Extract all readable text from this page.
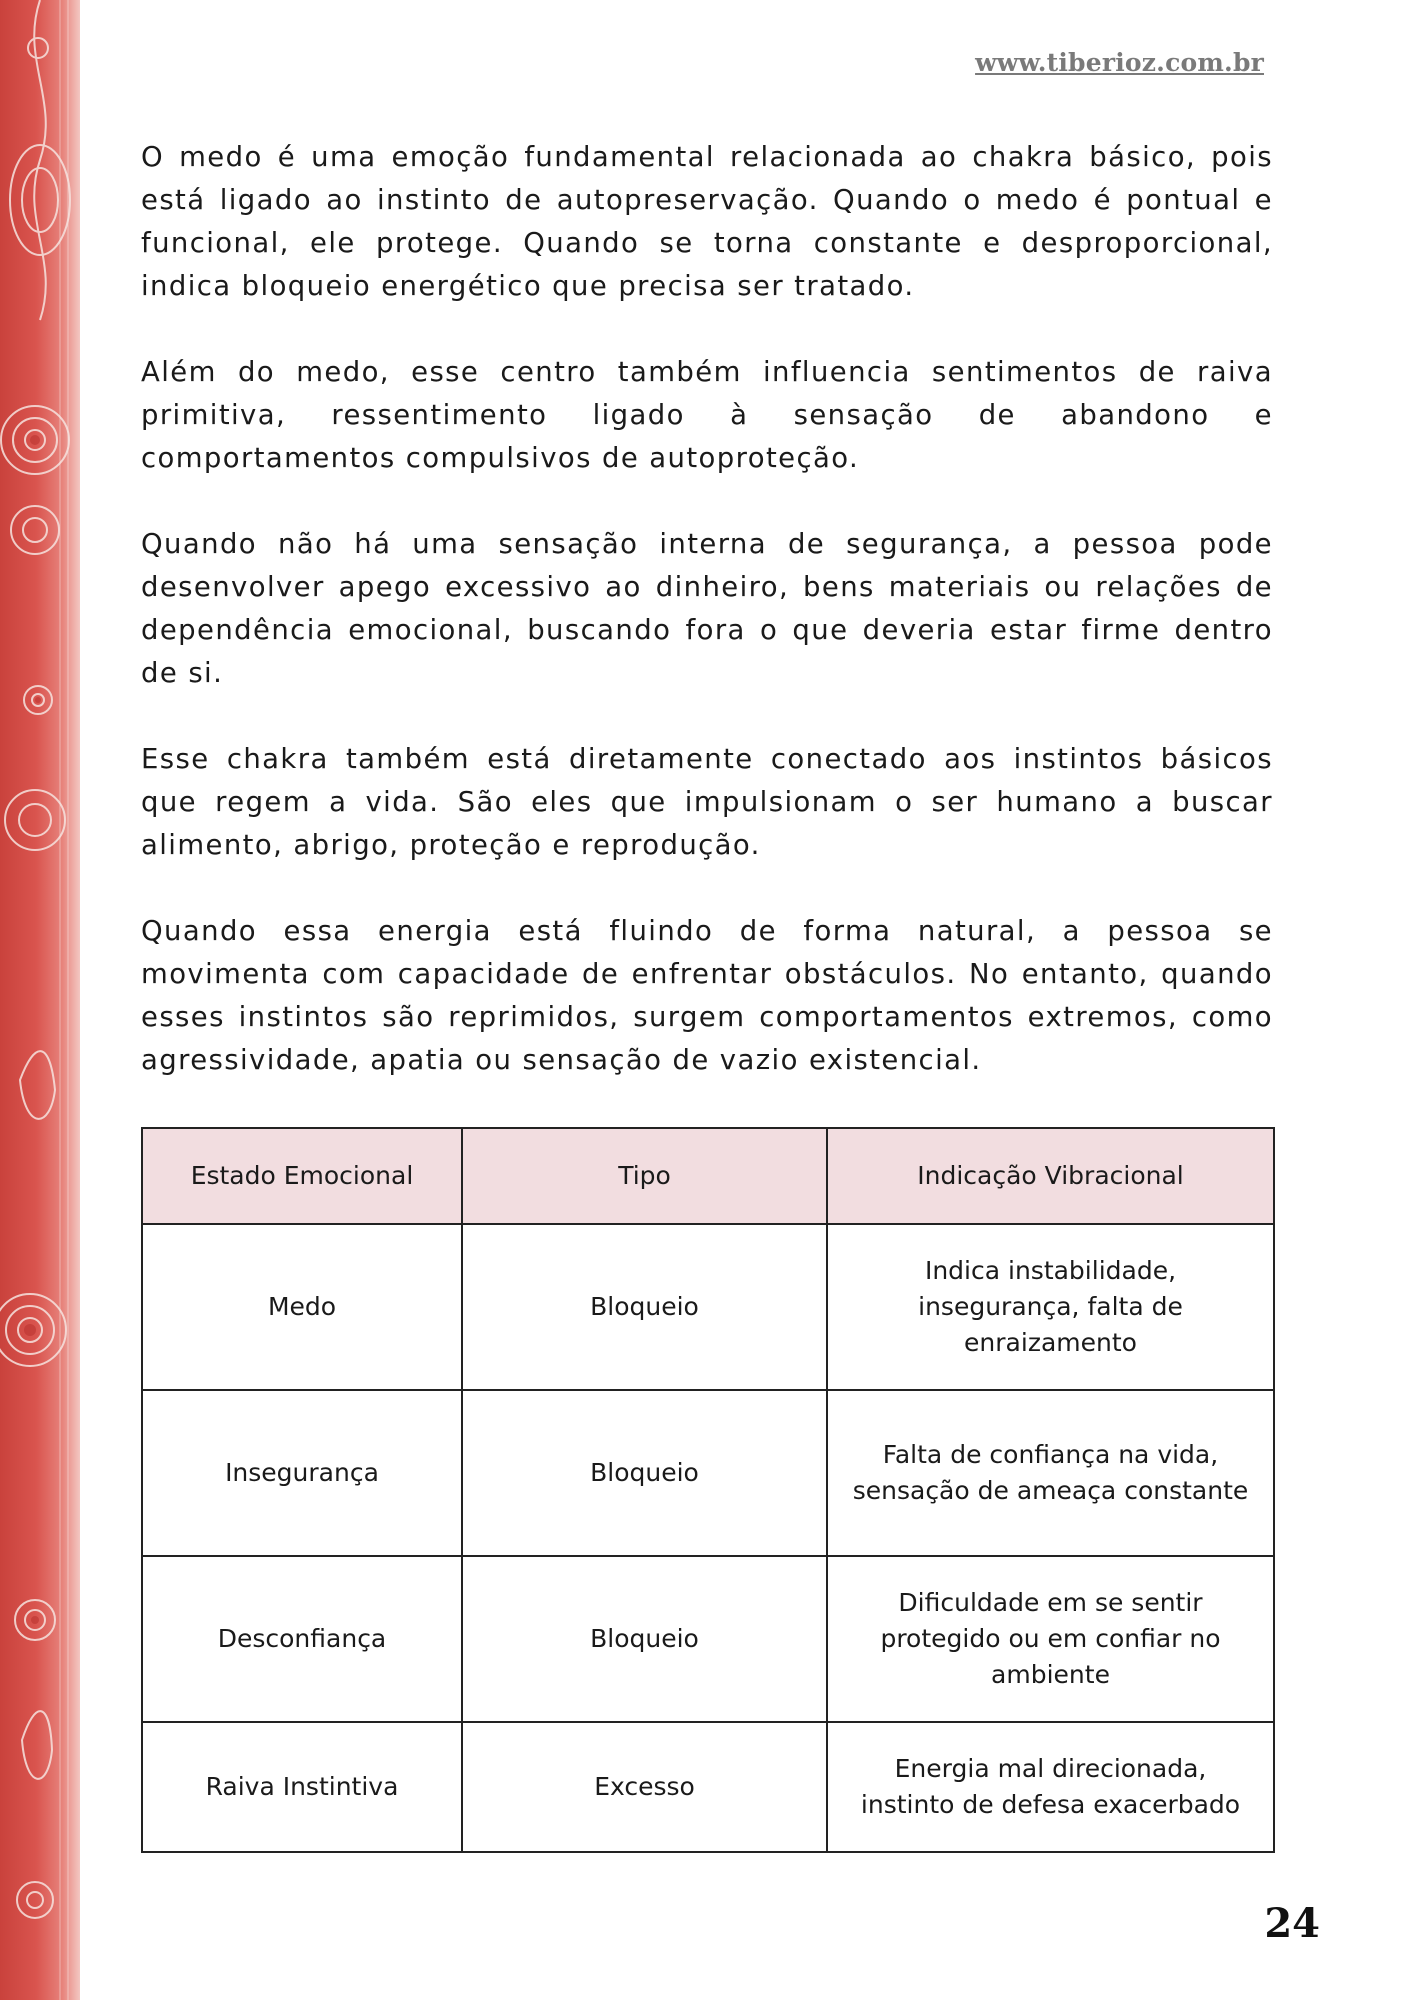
www.tiberioz.com.br

O medo é uma emoção fundamental relacionada ao chakra básico, pois está ligado ao instinto de autopreservação. Quando o medo é pontual e funcional, ele protege. Quando se torna constante e desproporcional, indica bloqueio energético que precisa ser tratado.

Além do medo, esse centro também influencia sentimentos de raiva primitiva, ressentimento ligado à sensação de abandono e comportamentos compulsivos de autoproteção.

Quando não há uma sensação interna de segurança, a pessoa pode desenvolver apego excessivo ao dinheiro, bens materiais ou relações de dependência emocional, buscando fora o que deveria estar firme dentro de si.

Esse chakra também está diretamente conectado aos instintos básicos que regem a vida. São eles que impulsionam o ser humano a buscar alimento, abrigo, proteção e reprodução.

Quando essa energia está fluindo de forma natural, a pessoa se movimenta com capacidade de enfrentar obstáculos. No entanto, quando esses instintos são reprimidos, surgem comportamentos extremos, como agressividade, apatia ou sensação de vazio existencial.

Estado Emocional	Tipo	Indicação Vibracional
Medo	Bloqueio	Indica instabilidade, insegurança, falta de enraizamento
Insegurança	Bloqueio	Falta de confiança na vida, sensação de ameaça constante
Desconfiança	Bloqueio	Dificuldade em se sentir protegido ou em confiar no ambiente
Raiva Instintiva	Excesso	Energia mal direcionada, instinto de defesa exacerbado
24
